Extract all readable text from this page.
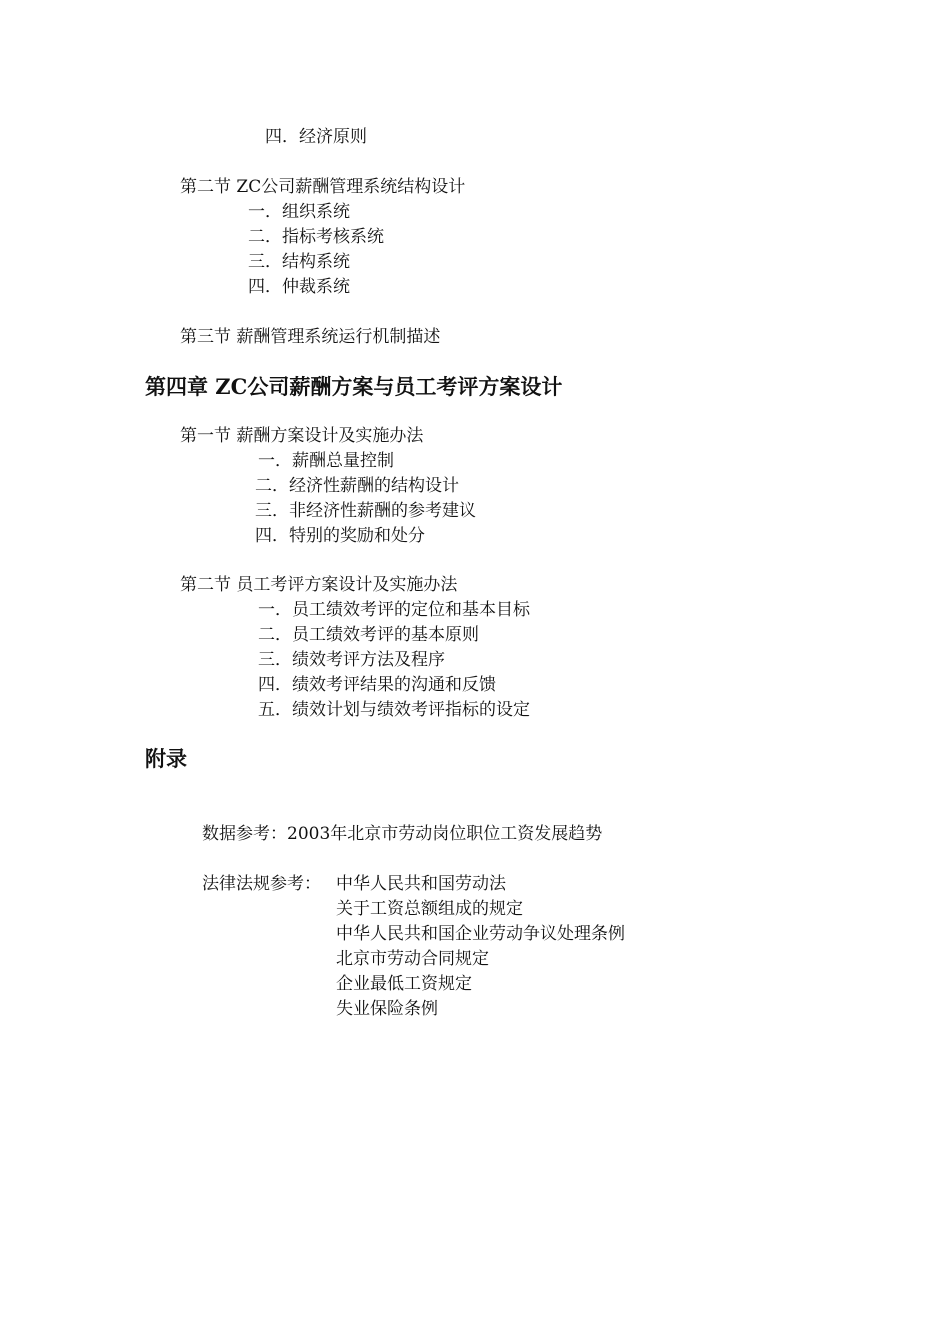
四．经济原则
第二节 ZC公司薪酬管理系统结构设计
一．组织系统
二．指标考核系统
三．结构系统
四．仲裁系统
第三节 薪酬管理系统运行机制描述
第四章 ZC公司薪酬方案与员工考评方案设计
第一节 薪酬方案设计及实施办法
一．薪酬总量控制
二．经济性薪酬的结构设计
三．非经济性薪酬的参考建议
四．特别的奖励和处分
第二节 员工考评方案设计及实施办法
一．员工绩效考评的定位和基本目标
二．员工绩效考评的基本原则
三．绩效考评方法及程序
四．绩效考评结果的沟通和反馈
五．绩效计划与绩效考评指标的设定
附录
数据参考：2003年北京市劳动岗位职位工资发展趋势
法律法规参考： 中华人民共和国劳动法
关于工资总额组成的规定
中华人民共和国企业劳动争议处理条例
北京市劳动合同规定
企业最低工资规定
失业保险条例
